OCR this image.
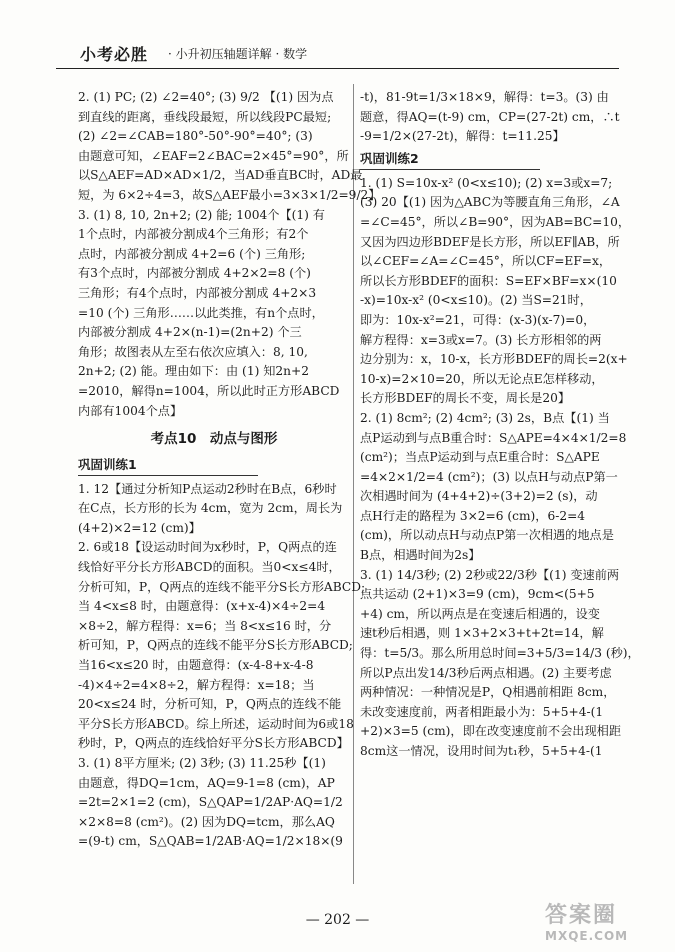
小考必胜 · 小升初压轴题详解 · 数学
2. (1) PC; (2) ∠2=40°; (3) 9/2 【(1) 因为点
到直线的距离，垂线段最短，所以线段PC最短;
(2) ∠2=∠CAB=180°-50°-90°=40°; (3)
由题意可知，∠EAF=2∠BAC=2×45°=90°，所
以S△AEF=AD×AD×1/2，当AD垂直BC时，AD最
短，为 6×2÷4=3，故S△AEF最小=3×3×1/2=9/2】
3. (1) 8, 10, 2n+2; (2) 能; 1004个【(1) 有
1个点时，内部被分割成4个三角形；有2个
点时，内部被分割成 4+2=6 (个) 三角形;
有3个点时，内部被分割成 4+2×2=8 (个)
三角形；有4个点时，内部被分割成 4+2×3
=10 (个) 三角形……以此类推，有n个点时，
内部被分割成 4+2×(n-1)=(2n+2) 个三
角形；故图表从左至右依次应填入：8, 10,
2n+2; (2) 能。理由如下：由 (1) 知2n+2
=2010，解得n=1004，所以此时正方形ABCD
内部有1004个点】
考点10　动点与图形
巩固训练1
1. 12【通过分析知P点运动2秒时在B点，6秒时
在C点，长方形的长为 4cm，宽为 2cm，周长为
(4+2)×2=12 (cm)】
2. 6或18【设运动时间为x秒时，P，Q两点的连
线恰好平分长方形ABCD的面积。当0<x≤4时，
分析可知，P，Q两点的连线不能平分S长方形ABCD;
当 4<x≤8 时，由题意得：(x+x-4)×4÷2=4
×8÷2，解方程得：x=6；当 8<x≤16 时，分
析可知，P，Q两点的连线不能平分S长方形ABCD;
当16<x≤20 时，由题意得：(x-4-8+x-4-8
-4)×4÷2=4×8÷2，解方程得：x=18；当
20<x≤24 时，分析可知，P，Q两点的连线不能
平分S长方形ABCD。综上所述，运动时间为6或18
秒时，P，Q两点的连线恰好平分S长方形ABCD】
3. (1) 8平方厘米; (2) 3秒; (3) 11.25秒【(1)
由题意，得DQ=1cm，AQ=9-1=8 (cm)，AP
=2t=2×1=2 (cm)，S△QAP=1/2AP·AQ=1/2
×2×8=8 (cm²)。(2) 因为DQ=tcm，那么AQ
=(9-t) cm，S△QAB=1/2AB·AQ=1/2×18×(9
-t)，81-9t=1/3×18×9，解得：t=3。(3) 由
题意，得AQ=(t-9) cm，CP=(27-2t) cm，∴t
-9=1/2×(27-2t)，解得：t=11.25】
巩固训练2
1. (1) S=10x-x² (0<x≤10); (2) x=3或x=7;
(3) 20【(1) 因为△ABC为等腰直角三角形，∠A
=∠C=45°，所以∠B=90°，因为AB=BC=10，
又因为四边形BDEF是长方形，所以EF∥AB，所
以∠CEF=∠A=∠C=45°，所以CF=EF=x，
所以长方形BDEF的面积：S=EF×BF=x×(10
-x)=10x-x² (0<x≤10)。(2) 当S=21时，
即为：10x-x²=21，可得：(x-3)(x-7)=0，
解方程得：x=3或x=7。(3) 长方形相邻的两
边分别为：x，10-x，长方形BDEF的周长=2(x+
10-x)=2×10=20，所以无论点E怎样移动，
长方形BDEF的周长不变，周长是20】
2. (1) 8cm²; (2) 4cm²; (3) 2s，B点【(1) 当
点P运动到与点B重合时：S△APE=4×4×1/2=8
(cm²)；当点P运动到与点E重合时：S△APE
=4×2×1/2=4 (cm²)；(3) 以点H与动点P第一
次相遇时间为 (4+4+2)÷(3+2)=2 (s)，动
点H行走的路程为 3×2=6 (cm)，6-2=4
(cm)，所以动点H与动点P第一次相遇的地点是
B点，相遇时间为2s】
3. (1) 14/3秒; (2) 2秒或22/3秒【(1) 变速前两
点共运动 (2+1)×3=9 (cm)，9cm<(5+5
+4) cm，所以两点是在变速后相遇的，设变
速t秒后相遇，则 1×3+2×3+t+2t=14，解
得：t=5/3。那么所用总时间=3+5/3=14/3 (秒)，
所以P点出发14/3秒后两点相遇。(2) 主要考虑
两种情况：一种情况是P，Q相遇前相距 8cm，
未改变速度前，两者相距最小为：5+5+4-(1
+2)×3=5 (cm)，即在改变速度前不会出现相距
8cm这一情况，设用时间为t₁秒，5+5+4-(1
— 202 —	答案圈
MXQE.COM
